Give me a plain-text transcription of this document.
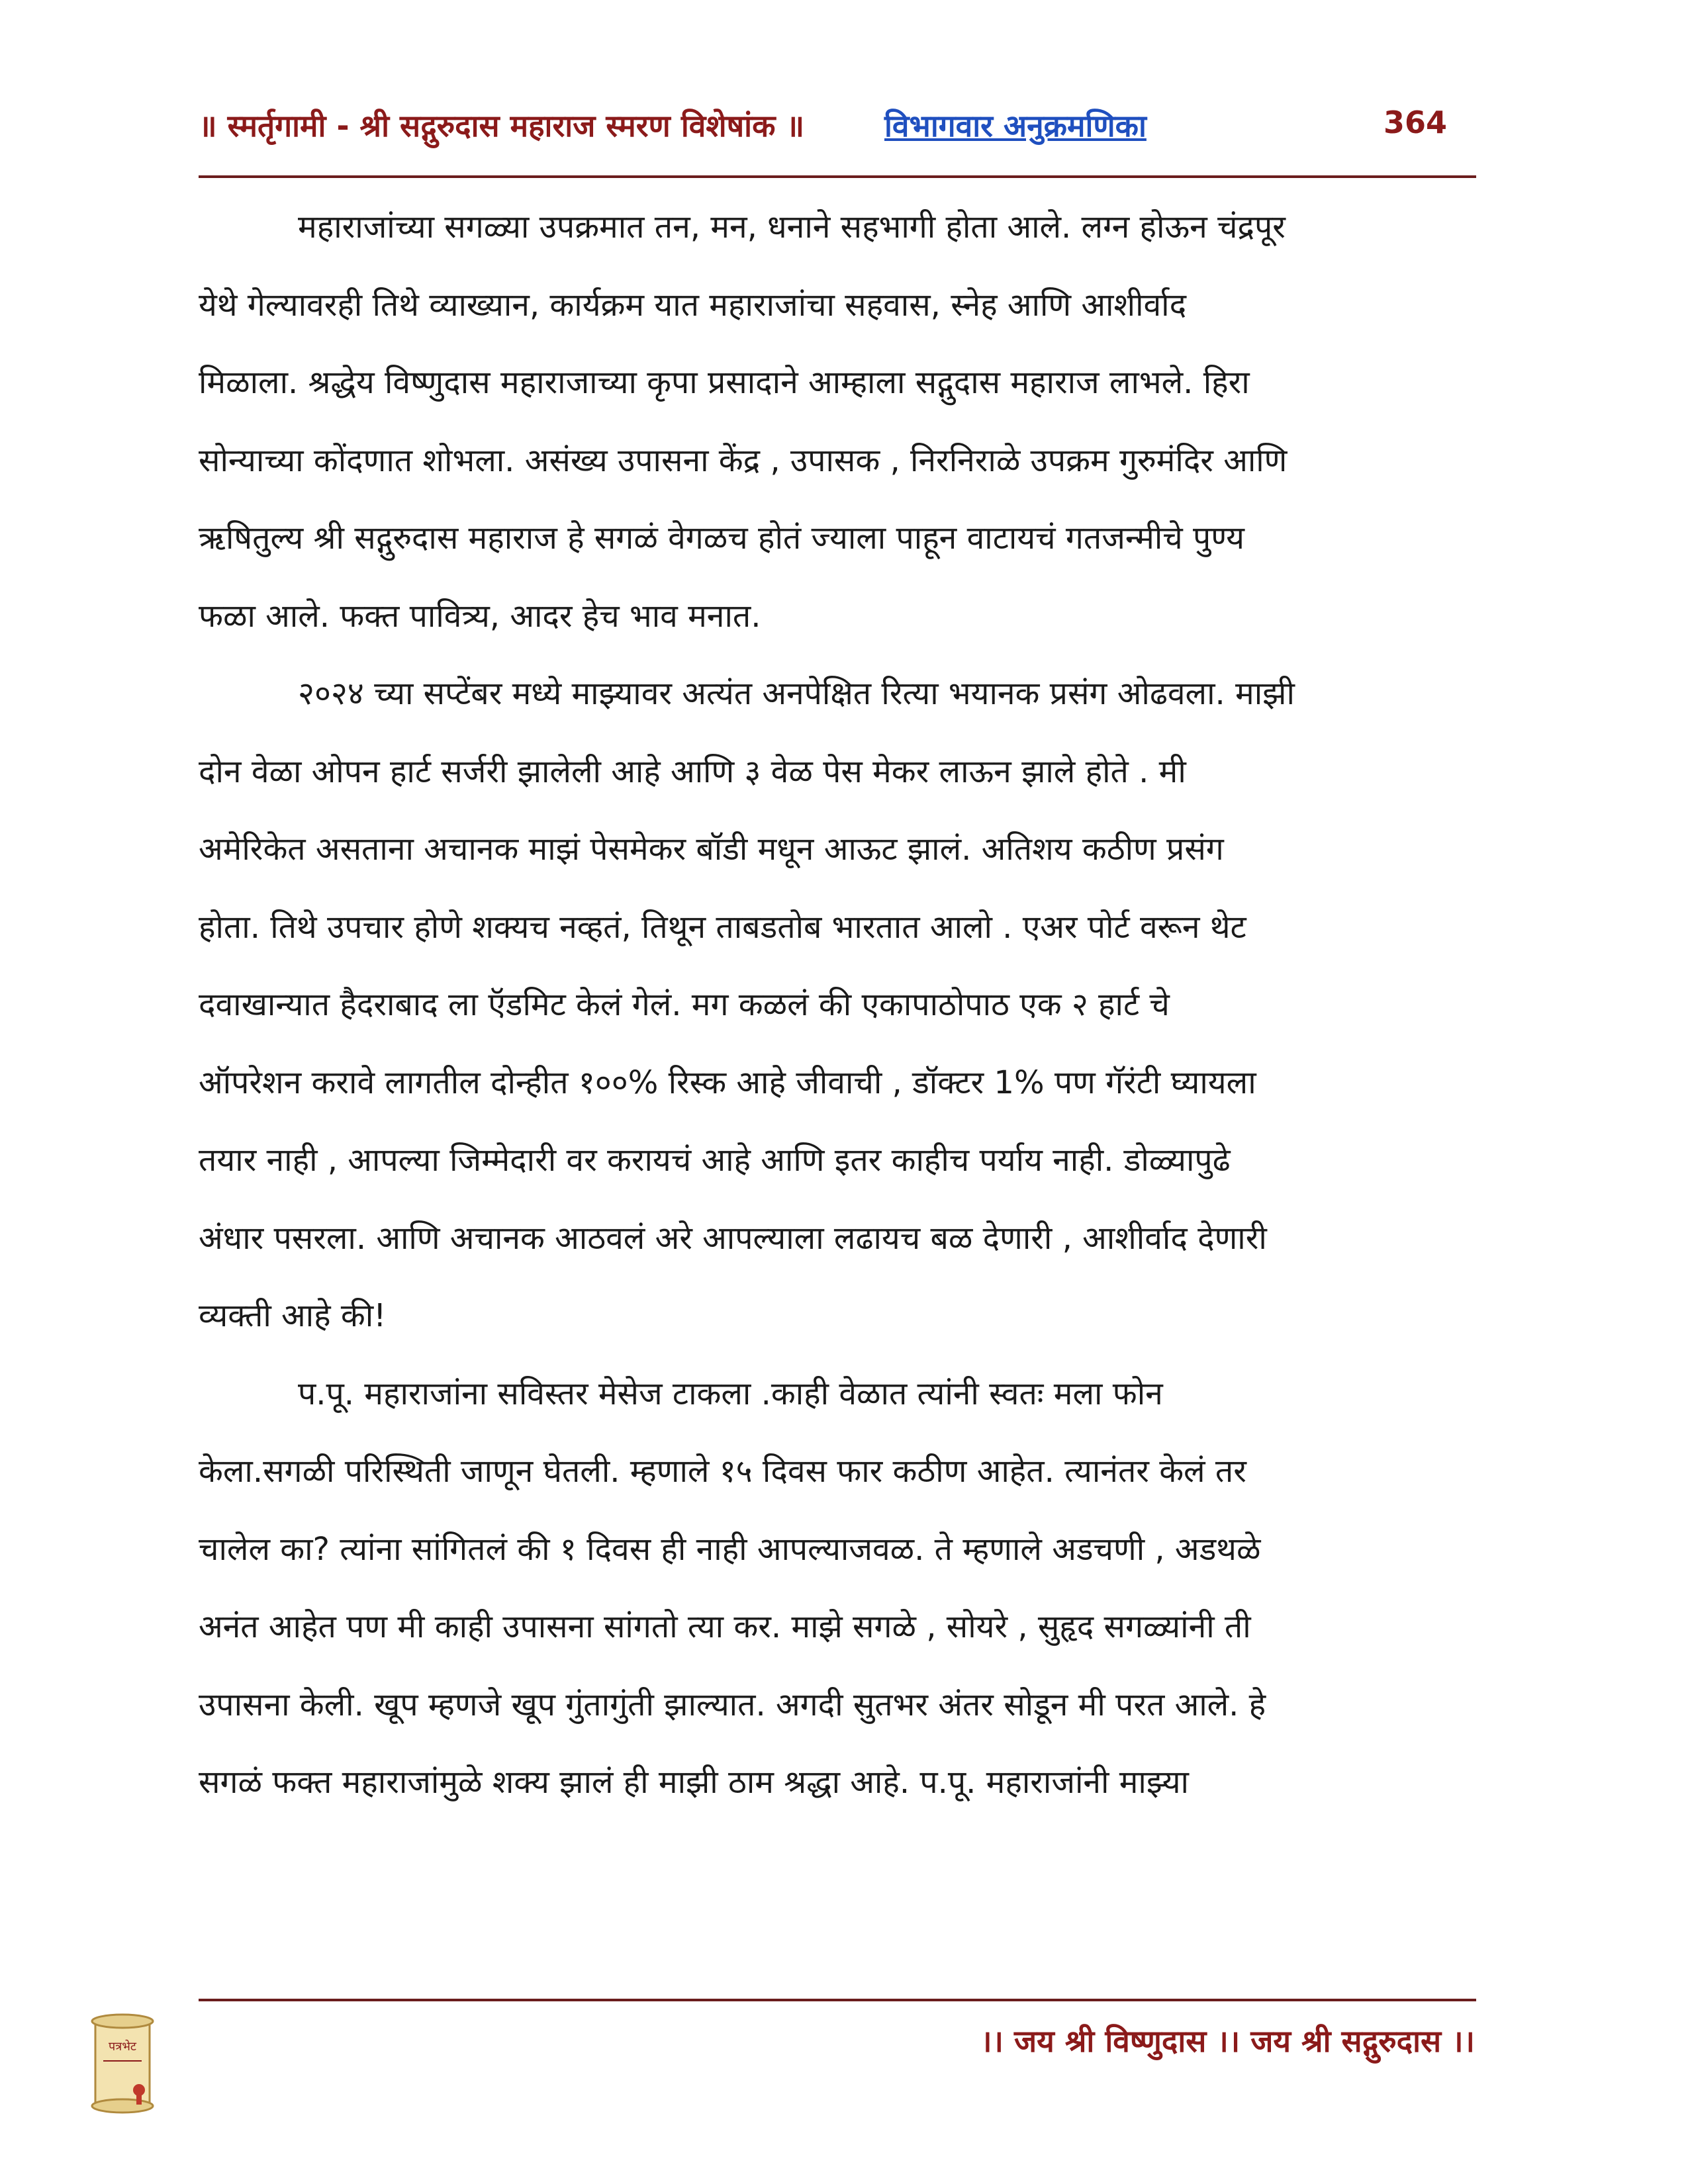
॥ स्मर्तृगामी - श्री सद्गुरुदास महाराज स्मरण विशेषांक ॥	विभागवार अनुक्रमणिका	364

महाराजांच्या सगळ्या उपक्रमात तन, मन, धनाने सहभागी होता आले. लग्न होऊन चंद्रपूर
येथे गेल्यावरही तिथे व्याख्यान, कार्यक्रम यात महाराजांचा सहवास, स्नेह आणि आशीर्वाद
मिळाला. श्रद्धेय विष्णुदास महाराजाच्या कृपा प्रसादाने आम्हाला सद्गुदास महाराज लाभले. हिरा
सोन्याच्या कोंदणात शोभला. असंख्य उपासना केंद्र , उपासक , निरनिराळे उपक्रम गुरुमंदिर आणि
ऋषितुल्य श्री सद्गुरुदास महाराज हे सगळं वेगळच होतं ज्याला पाहून वाटायचं गतजन्मीचे पुण्य
फळा आले. फक्त पावित्र्य, आदर हेच भाव मनात.

२०२४ च्या सप्टेंबर मध्ये माझ्यावर अत्यंत अनपेक्षित रित्या भयानक प्रसंग ओढवला. माझी
दोन वेळा ओपन हार्ट सर्जरी झालेली आहे आणि ३ वेळ पेस मेकर लाऊन झाले होते . मी
अमेरिकेत असताना अचानक माझं पेसमेकर बॉडी मधून आऊट झालं. अतिशय कठीण प्रसंग
होता. तिथे उपचार होणे शक्यच नव्हतं, तिथून ताबडतोब भारतात आलो . एअर पोर्ट वरून थेट
दवाखान्यात हैदराबाद ला ऍडमिट केलं गेलं. मग कळलं की एकापाठोपाठ एक २ हार्ट चे
ऑपरेशन करावे लागतील दोन्हीत १००% रिस्क आहे जीवाची , डॉक्टर 1% पण गॅरंटी घ्यायला
तयार नाही , आपल्या जिम्मेदारी वर करायचं आहे आणि इतर काहीच पर्याय नाही. डोळ्यापुढे
अंधार पसरला. आणि अचानक आठवलं अरे आपल्याला लढायच बळ देणारी , आशीर्वाद देणारी
व्यक्ती आहे की!

प.पू. महाराजांना सविस्तर मेसेज टाकला .काही वेळात त्यांनी स्वतः मला फोन
केला.सगळी परिस्थिती जाणून घेतली. म्हणाले १५ दिवस फार कठीण आहेत. त्यानंतर केलं तर
चालेल का? त्यांना सांगितलं की १ दिवस ही नाही आपल्याजवळ. ते म्हणाले अडचणी , अडथळे
अनंत आहेत पण मी काही उपासना सांगतो त्या कर. माझे सगळे , सोयरे , सुहृद सगळ्यांनी ती
उपासना केली. खूप म्हणजे खूप गुंतागुंती झाल्यात. अगदी सुतभर अंतर सोडून मी परत आले. हे
सगळं फक्त महाराजांमुळे शक्य झालं ही माझी ठाम श्रद्धा आहे. प.पू. महाराजांनी माझ्या

पत्रभेट	।। जय श्री विष्णुदास ।। जय श्री सद्गुरुदास ।।
